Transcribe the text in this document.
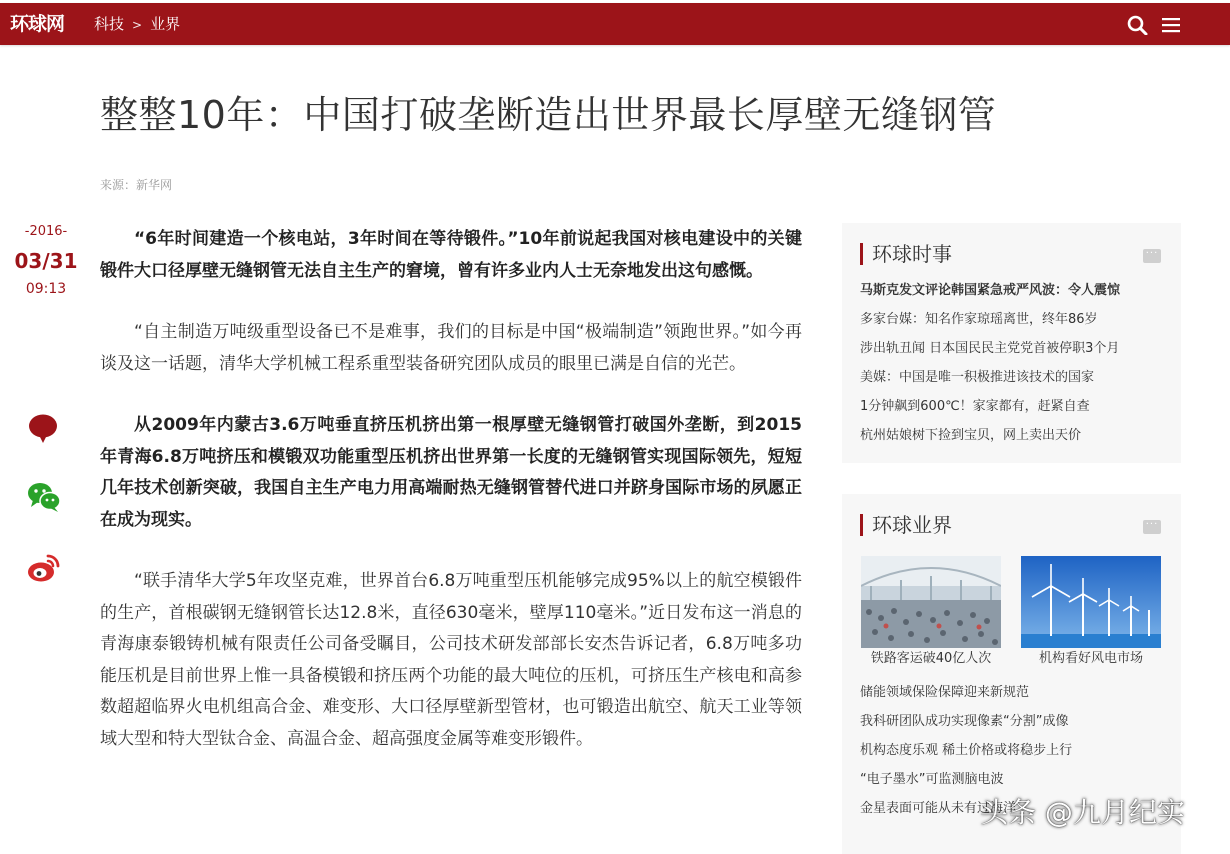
环球网 科技 > 业界
整整10年：中国打破垄断造出世界最长厚壁无缝钢管
来源：新华网
-2016-
03/31
09:13

“6年时间建造一个核电站，3年时间在等待锻件。”10年前说起我国对核电建设中的关键锻件大口径厚壁无缝钢管无法自主生产的窘境，曾有许多业内人士无奈地发出这句感慨。

“自主制造万吨级重型设备已不是难事，我们的目标是中国“极端制造”领跑世界。”如今再谈及这一话题，清华大学机械工程系重型装备研究团队成员的眼里已满是自信的光芒。

从2009年内蒙古3.6万吨垂直挤压机挤出第一根厚壁无缝钢管打破国外垄断，到2015年青海6.8万吨挤压和模锻双功能重型压机挤出世界第一长度的无缝钢管实现国际领先，短短几年技术创新突破，我国自主生产电力用高端耐热无缝钢管替代进口并跻身国际市场的夙愿正在成为现实。

“联手清华大学5年攻坚克难，世界首台6.8万吨重型压机能够完成95%以上的航空模锻件的生产，首根碳钢无缝钢管长达12.8米，直径630毫米，壁厚110毫米。”近日发布这一消息的青海康泰锻铸机械有限责任公司备受瞩目，公司技术研发部部长安杰告诉记者，6.8万吨多功能压机是目前世界上惟一具备模锻和挤压两个功能的最大吨位的压机，可挤压生产核电和高参数超超临界火电机组高合金、难变形、大口径厚壁新型管材，也可锻造出航空、航天工业等领域大型和特大型钛合金、高温合金、超高强度金属等难变形锻件。

环球时事	···
马斯克发文评论韩国紧急戒严风波：令人震惊
多家台媒：知名作家琼瑶离世，终年86岁
涉出轨丑闻 日本国民民主党党首被停职3个月
美媒：中国是唯一积极推进该技术的国家
1分钟飙到600℃！家家都有，赶紧自查
杭州姑娘树下捡到宝贝，网上卖出天价
环球业界	···
铁路客运破40亿人次	机构看好风电市场
储能领域保险保障迎来新规范
我科研团队成功实现像素“分割”成像
机构态度乐观 稀土价格或将稳步上行
“电子墨水”可监测脑电波
金星表面可能从未有过海洋
头条 @九月纪实
